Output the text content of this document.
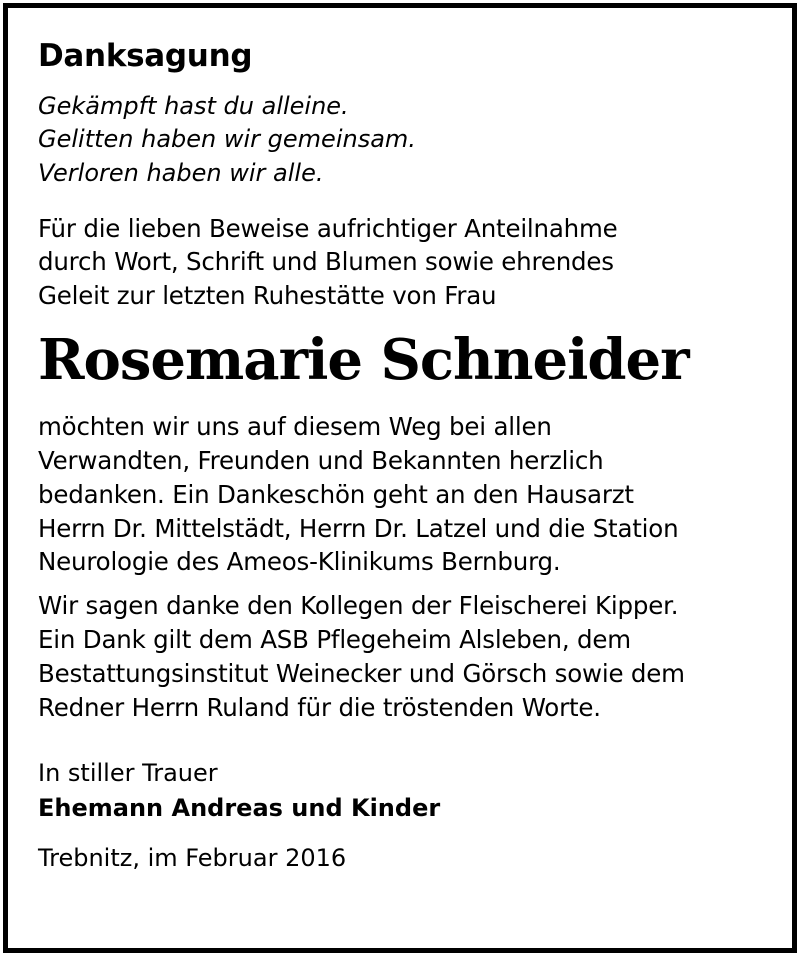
Danksagung
Gekämpft hast du alleine.
Gelitten haben wir gemeinsam.
Verloren haben wir alle.
Für die lieben Beweise aufrichtiger Anteilnahme
durch Wort, Schrift und Blumen sowie ehrendes
Geleit zur letzten Ruhestätte von Frau
Rosemarie Schneider
möchten wir uns auf diesem Weg bei allen
Verwandten, Freunden und Bekannten herzlich
bedanken. Ein Dankeschön geht an den Hausarzt
Herrn Dr. Mittelstädt, Herrn Dr. Latzel und die Station
Neurologie des Ameos-Klinikums Bernburg.
Wir sagen danke den Kollegen der Fleischerei Kipper.
Ein Dank gilt dem ASB Pflegeheim Alsleben, dem
Bestattungsinstitut Weinecker und Görsch sowie dem
Redner Herrn Ruland für die tröstenden Worte.
In stiller Trauer
Ehemann Andreas und Kinder
Trebnitz, im Februar 2016
